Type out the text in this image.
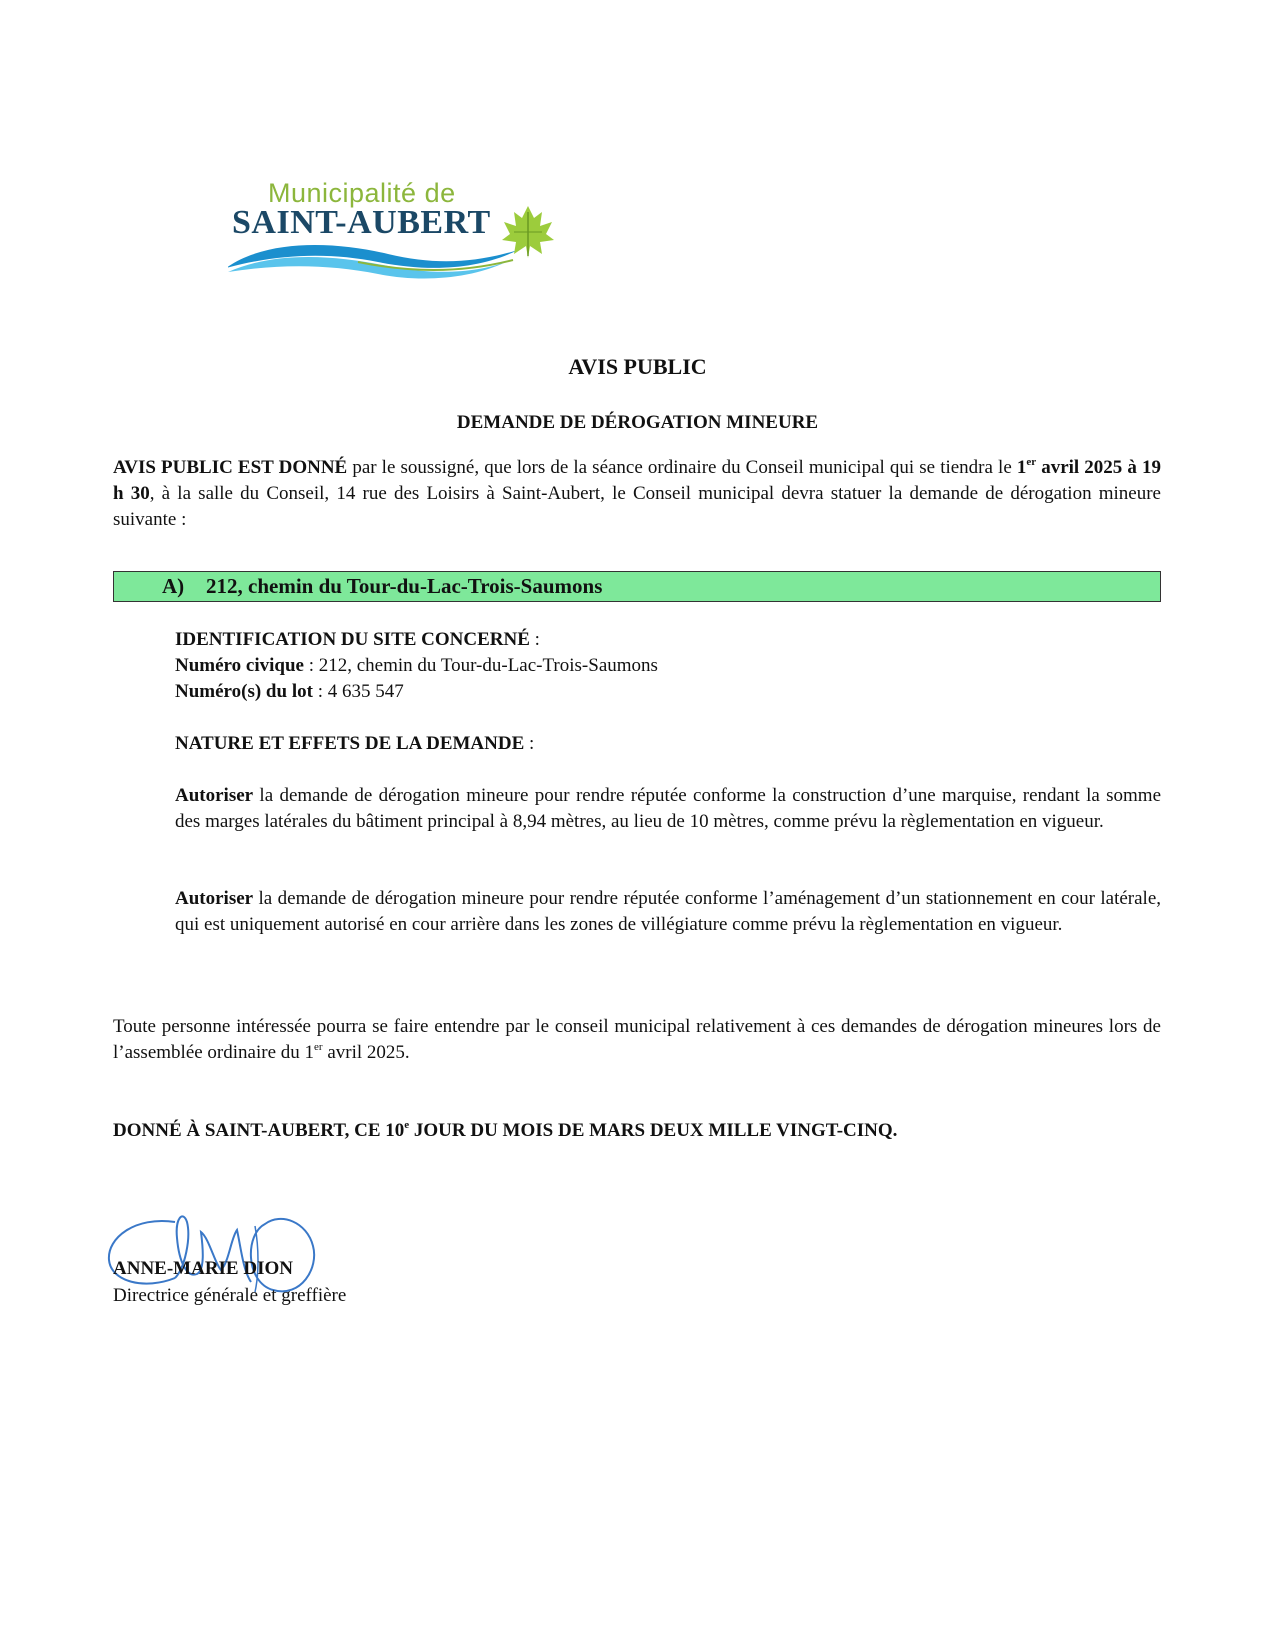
Municipalité de
SAINT-AUBERT
AVIS PUBLIC
DEMANDE DE DÉROGATION MINEURE
AVIS PUBLIC EST DONNÉ par le soussigné, que lors de la séance ordinaire du Conseil municipal qui se tiendra le 1er avril 2025 à 19 h 30, à la salle du Conseil, 14 rue des Loisirs à Saint-Aubert, le Conseil municipal devra statuer la demande de dérogation mineure suivante :
A) 212, chemin du Tour-du-Lac-Trois-Saumons
IDENTIFICATION DU SITE CONCERNÉ :
Numéro civique : 212, chemin du Tour-du-Lac-Trois-Saumons
Numéro(s) du lot : 4 635 547
NATURE ET EFFETS DE LA DEMANDE :
Autoriser la demande de dérogation mineure pour rendre réputée conforme la construction d’une marquise, rendant la somme des marges latérales du bâtiment principal à 8,94 mètres, au lieu de 10 mètres, comme prévu la règlementation en vigueur.
Autoriser la demande de dérogation mineure pour rendre réputée conforme l’aménagement d’un stationnement en cour latérale, qui est uniquement autorisé en cour arrière dans les zones de villégiature comme prévu la règlementation en vigueur.
Toute personne intéressée pourra se faire entendre par le conseil municipal relativement à ces demandes de dérogation mineures lors de l’assemblée ordinaire du 1er avril 2025.
DONNÉ À SAINT-AUBERT, CE 10e JOUR DU MOIS DE MARS DEUX MILLE VINGT-CINQ.
ANNE-MARIE DION
Directrice générale et greffière
